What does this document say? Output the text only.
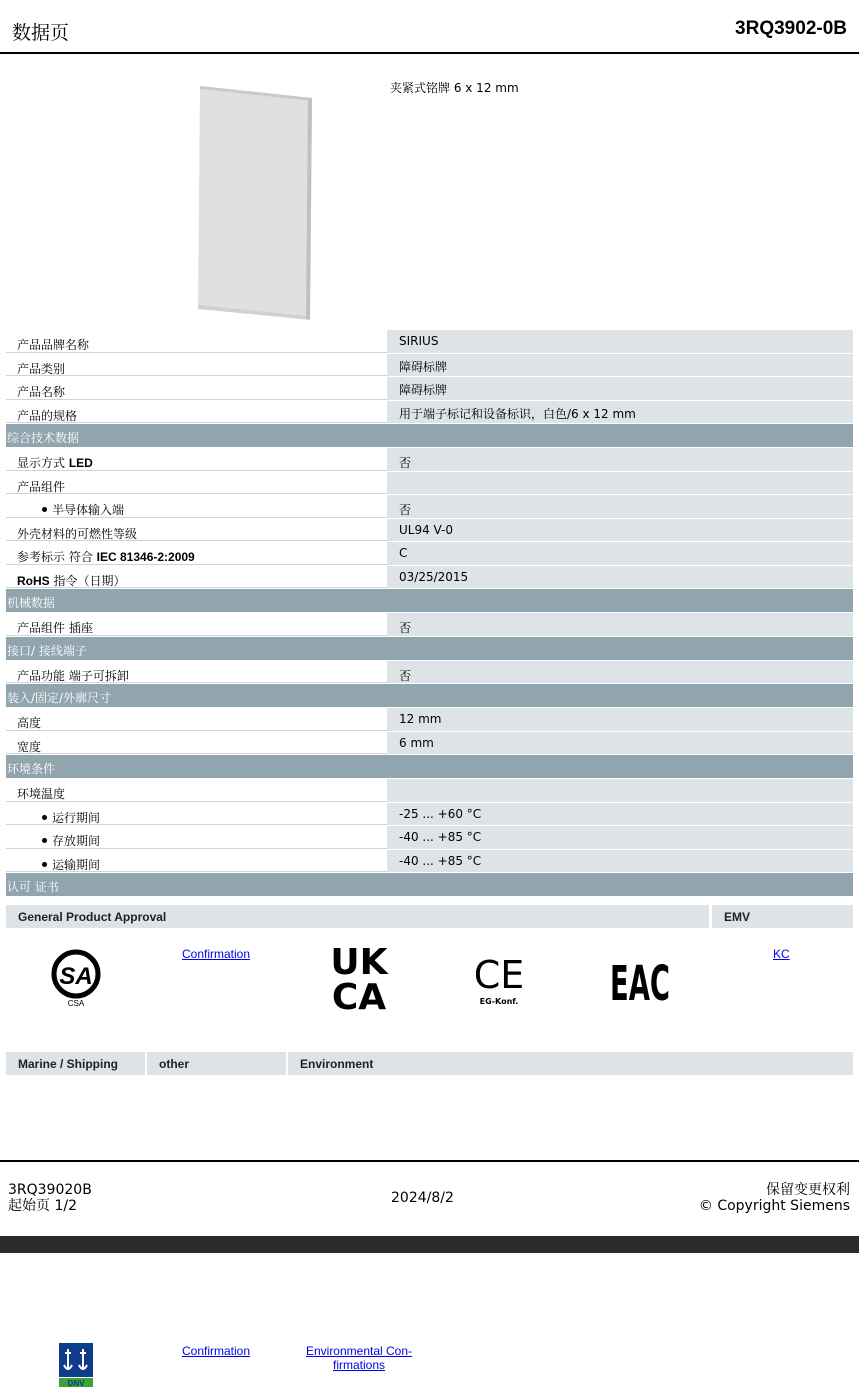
数据页	3RQ3902-0B
夹紧式铭牌 6 x 12 mm
产品品牌名称	SIRIUS
产品类别	障碍标牌
产品名称	障碍标牌
产品的规格	用于端子标记和设备标识，白色/6 x 12 mm
综合技术数据
显示方式 LED	否
产品组件
半导体输入端	否
外壳材料的可燃性等级	UL94 V-0
参考标示 符合 IEC 81346-2:2009	C
RoHS 指令（日期）	03/25/2015
机械数据
产品组件 插座	否
接口/ 接线端子
产品功能 端子可拆卸	否
装入/固定/外廓尺寸
高度	12 mm
宽度	6 mm
环境条件
环境温度
运行期间	-25 ... +60 °C
存放期间	-40 ... +85 °C
运输期间	-40 ... +85 °C
认可 证书
General Product Approval	EMV
SA
CSA
Confirmation UK
CA
CE
EG-Konf. EAC
KC
Marine / Shipping	other	Environment
3RQ39020B
起始页 1/2	2024/8/2	保留变更权利
© Copyright Siemens
DNV
Confirmation	Environmental Con-
firmations
